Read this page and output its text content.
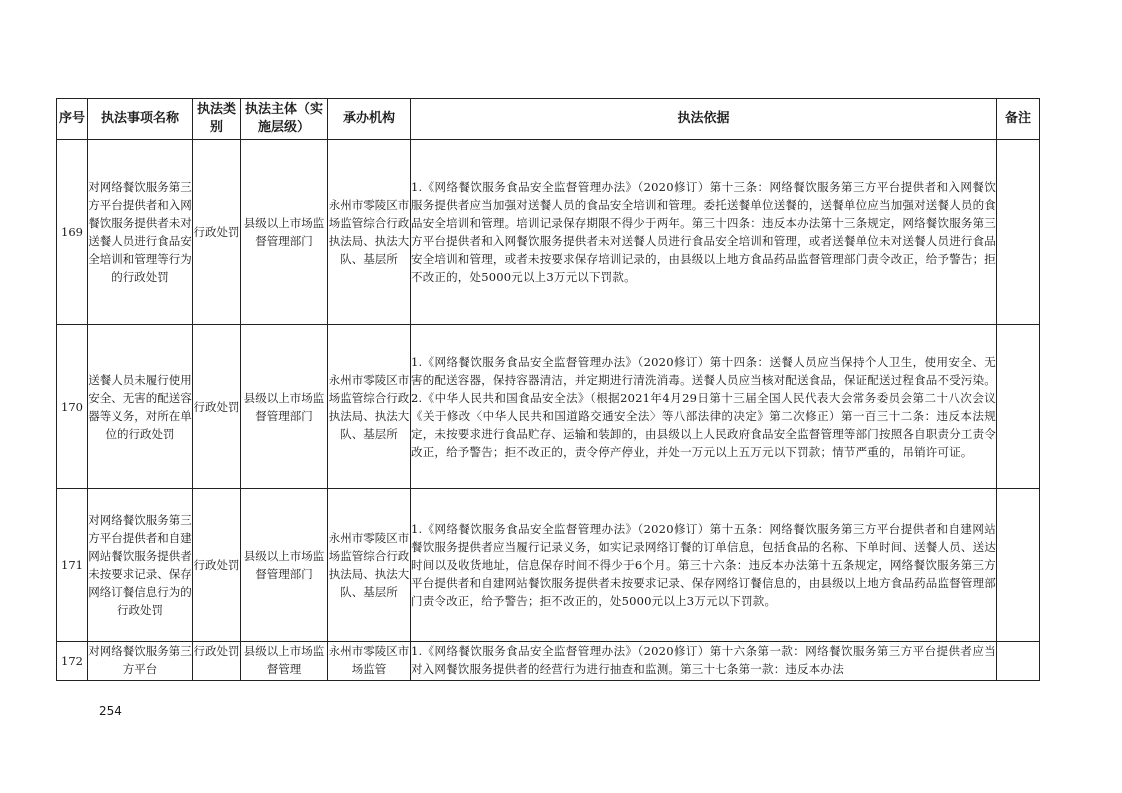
序号	执法事项名称	执法类别	执法主体（实施层级）	承办机构	执法依据	备注
169	对网络餐饮服务第三方平台提供者和入网餐饮服务提供者未对送餐人员进行食品安全培训和管理等行为的行政处罚	行政处罚	县级以上市场监督管理部门	永州市零陵区市场监管综合行政执法局、执法大队、基层所	1.《网络餐饮服务食品安全监督管理办法》（2020修订）第十三条：网络餐饮服务第三方平台提供者和入网餐饮服务提供者应当加强对送餐人员的食品安全培训和管理。委托送餐单位送餐的，送餐单位应当加强对送餐人员的食品安全培训和管理。培训记录保存期限不得少于两年。第三十四条：违反本办法第十三条规定，网络餐饮服务第三方平台提供者和入网餐饮服务提供者未对送餐人员进行食品安全培训和管理，或者送餐单位未对送餐人员进行食品安全培训和管理，或者未按要求保存培训记录的，由县级以上地方食品药品监督管理部门责令改正，给予警告；拒不改正的，处5000元以上3万元以下罚款。	
170	送餐人员未履行使用安全、无害的配送容器等义务，对所在单位的行政处罚	行政处罚	县级以上市场监督管理部门	永州市零陵区市场监管综合行政执法局、执法大队、基层所	1.《网络餐饮服务食品安全监督管理办法》（2020修订）第十四条：送餐人员应当保持个人卫生，使用安全、无害的配送容器，保持容器清洁，并定期进行清洗消毒。送餐人员应当核对配送食品，保证配送过程食品不受污染。
2.《中华人民共和国食品安全法》（根据2021年4月29日第十三届全国人民代表大会常务委员会第二十八次会议《关于修改〈中华人民共和国道路交通安全法〉等八部法律的决定》第二次修正）第一百三十二条：违反本法规定，未按要求进行食品贮存、运输和装卸的，由县级以上人民政府食品安全监督管理等部门按照各自职责分工责令改正，给予警告；拒不改正的，责令停产停业，并处一万元以上五万元以下罚款；情节严重的，吊销许可证。	

171	对网络餐饮服务第三方平台提供者和自建网站餐饮服务提供者未按要求记录、保存网络订餐信息行为的行政处罚	行政处罚	县级以上市场监督管理部门	永州市零陵区市场监管综合行政执法局、执法大队、基层所	1.《网络餐饮服务食品安全监督管理办法》（2020修订）第十五条：网络餐饮服务第三方平台提供者和自建网站餐饮服务提供者应当履行记录义务，如实记录网络订餐的订单信息，包括食品的名称、下单时间、送餐人员、送达时间以及收货地址，信息保存时间不得少于6个月。第三十六条：违反本办法第十五条规定，网络餐饮服务第三方平台提供者和自建网站餐饮服务提供者未按要求记录、保存网络订餐信息的，由县级以上地方食品药品监督管理部门责令改正，给予警告；拒不改正的，处5000元以上3万元以下罚款。	
172	对网络餐饮服务第三方平台	行政处罚	县级以上市场监督管理	永州市零陵区市场监管	1.《网络餐饮服务食品安全监督管理办法》（2020修订）第十六条第一款：网络餐饮服务第三方平台提供者应当对入网餐饮服务提供者的经营行为进行抽查和监测。第三十七条第一款：违反本办法	
254
